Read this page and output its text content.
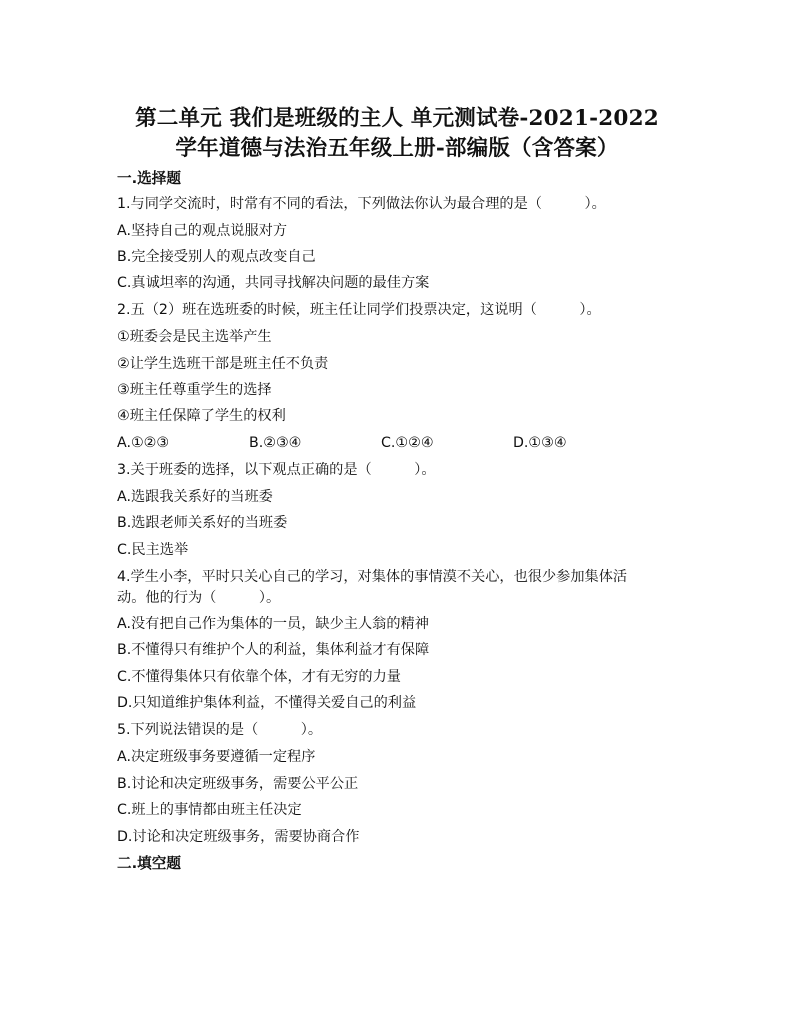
第二单元 我们是班级的主人 单元测试卷-2021-2022
学年道德与法治五年级上册-部编版（含答案）
一.选择题
1.与同学交流时，时常有不同的看法，下列做法你认为最合理的是（　　　）。
A.坚持自己的观点说服对方
B.完全接受别人的观点改变自己
C.真诚坦率的沟通，共同寻找解决问题的最佳方案
2.五（2）班在选班委的时候，班主任让同学们投票决定，这说明（　　　）。
①班委会是民主选举产生
②让学生选班干部是班主任不负责
③班主任尊重学生的选择
④班主任保障了学生的权利
A.①②③	B.②③④	C.①②④	D.①③④
3.关于班委的选择，以下观点正确的是（　　　）。
A.选跟我关系好的当班委
B.选跟老师关系好的当班委
C.民主选举
4.学生小李，平时只关心自己的学习，对集体的事情漠不关心，也很少参加集体活
动。他的行为（　　　）。
A.没有把自己作为集体的一员，缺少主人翁的精神
B.不懂得只有维护个人的利益，集体利益才有保障
C.不懂得集体只有依靠个体，才有无穷的力量
D.只知道维护集体利益，不懂得关爱自己的利益
5.下列说法错误的是（　　　）。
A.决定班级事务要遵循一定程序
B.讨论和决定班级事务，需要公平公正
C.班上的事情都由班主任决定
D.讨论和决定班级事务，需要协商合作
二.填空题
